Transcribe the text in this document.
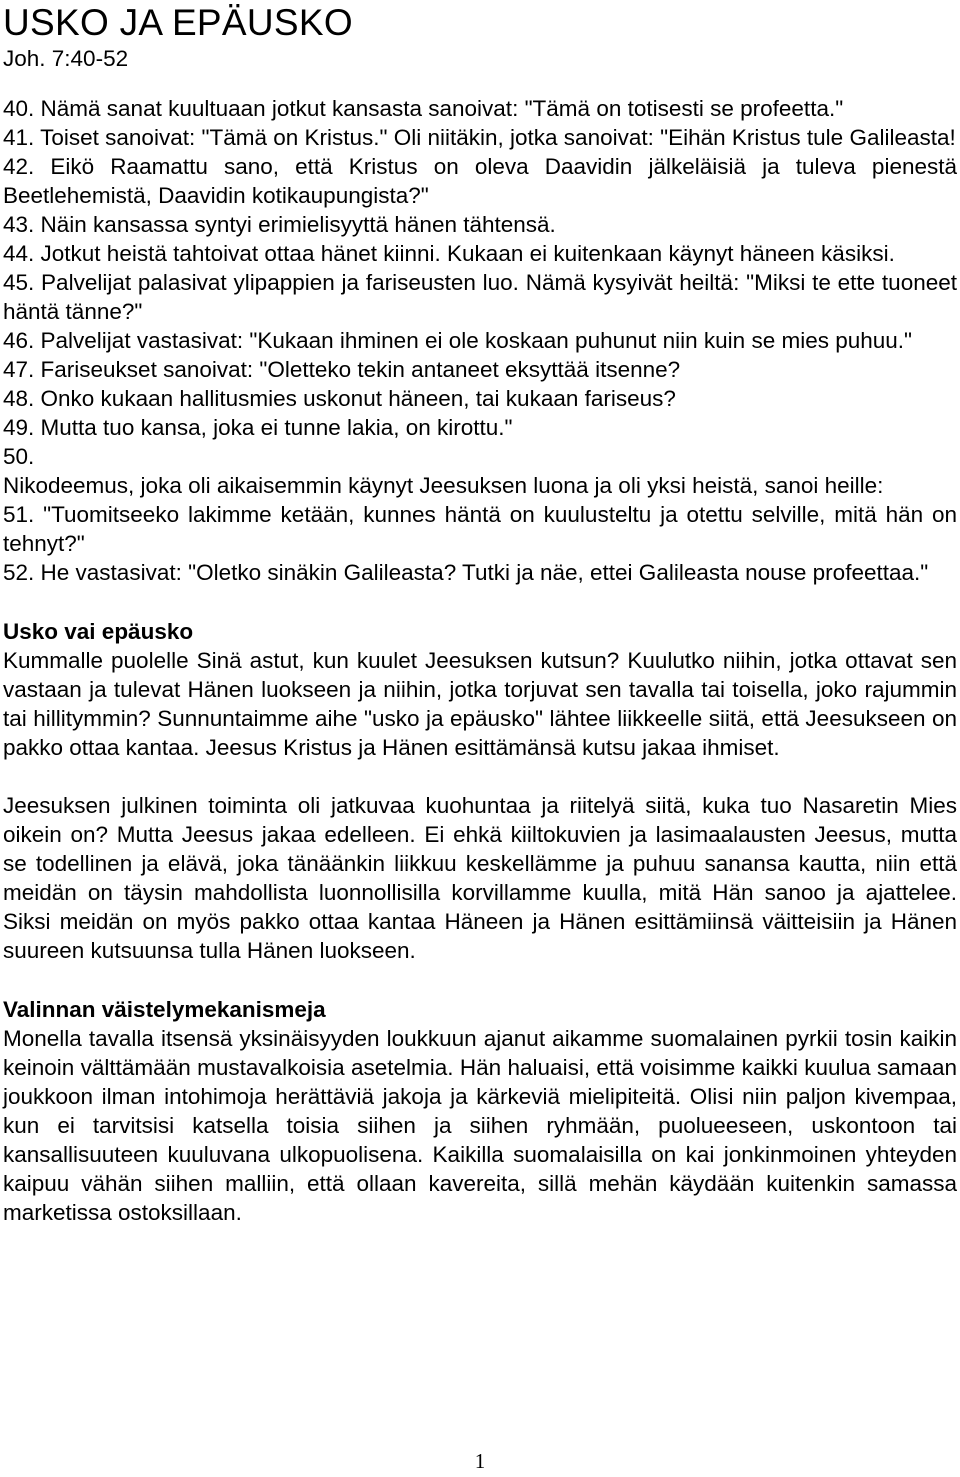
USKO JA EPÄUSKO

Joh. 7:40-52

40. Nämä sanat kuultuaan jotkut kansasta sanoivat: "Tämä on totisesti se profeetta."
41. Toiset sanoivat: "Tämä on Kristus." Oli niitäkin, jotka sanoivat: "Eihän Kristus tule Galileasta!
42. Eikö Raamattu sano, että Kristus on oleva Daavidin jälkeläisiä ja tuleva pienestä Beetlehemistä, Daavidin kotikaupungista?"
43. Näin kansassa syntyi erimielisyyttä hänen tähtensä.
44. Jotkut heistä tahtoivat ottaa hänet kiinni. Kukaan ei kuitenkaan käynyt häneen käsiksi.
45. Palvelijat palasivat ylipappien ja fariseusten luo. Nämä kysyivät heiltä: "Miksi te ette tuoneet häntä tänne?"
46. Palvelijat vastasivat: "Kukaan ihminen ei ole koskaan puhunut niin kuin se mies puhuu."
47. Fariseukset sanoivat: "Oletteko tekin antaneet eksyttää itsenne?
48. Onko kukaan hallitusmies uskonut häneen, tai kukaan fariseus?
49. Mutta tuo kansa, joka ei tunne lakia, on kirottu."
50.
Nikodeemus, joka oli aikaisemmin käynyt Jeesuksen luona ja oli yksi heistä, sanoi heille:
51. "Tuomitseeko lakimme ketään, kunnes häntä on kuulusteltu ja otettu selville, mitä hän on tehnyt?"
52. He vastasivat: "Oletko sinäkin Galileasta? Tutki ja näe, ettei Galileasta nouse profeettaa."
Usko vai epäusko

Kummalle puolelle Sinä astut, kun kuulet Jeesuksen kutsun? Kuulutko niihin, jotka ottavat sen vastaan ja tulevat Hänen luokseen ja niihin, jotka torjuvat sen tavalla tai toisella, joko rajummin tai hillitymmin? Sunnuntaimme aihe "usko ja epäusko" lähtee liikkeelle siitä, että Jeesukseen on pakko ottaa kantaa. Jeesus Kristus ja Hänen esittämänsä kutsu jakaa ihmiset.

Jeesuksen julkinen toiminta oli jatkuvaa kuohuntaa ja riitelyä siitä, kuka tuo Nasaretin Mies oikein on? Mutta Jeesus jakaa edelleen. Ei ehkä kiiltokuvien ja lasimaalausten Jeesus, mutta se todellinen ja elävä, joka tänäänkin liikkuu keskellämme ja puhuu sanansa kautta, niin että meidän on täysin mahdollista luonnollisilla korvillamme kuulla, mitä Hän sanoo ja ajattelee. Siksi meidän on myös pakko ottaa kantaa Häneen ja Hänen esittämiinsä väitteisiin ja Hänen suureen kutsuunsa tulla Hänen luokseen.

Valinnan väistelymekanismeja

Monella tavalla itsensä yksinäisyyden loukkuun ajanut aikamme suomalainen pyrkii tosin kaikin keinoin välttämään mustavalkoisia asetelmia. Hän haluaisi, että voisimme kaikki kuulua samaan joukkoon ilman intohimoja herättäviä jakoja ja kärkeviä mielipiteitä. Olisi niin paljon kivempaa, kun ei tarvitsisi katsella toisia siihen ja siihen ryhmään, puolueeseen, uskontoon tai kansallisuuteen kuuluvana ulkopuolisena. Kaikilla suomalaisilla on kai jonkinmoinen yhteyden kaipuu vähän siihen malliin, että ollaan kavereita, sillä mehän käydään kuitenkin samassa marketissa ostoksillaan.

1
